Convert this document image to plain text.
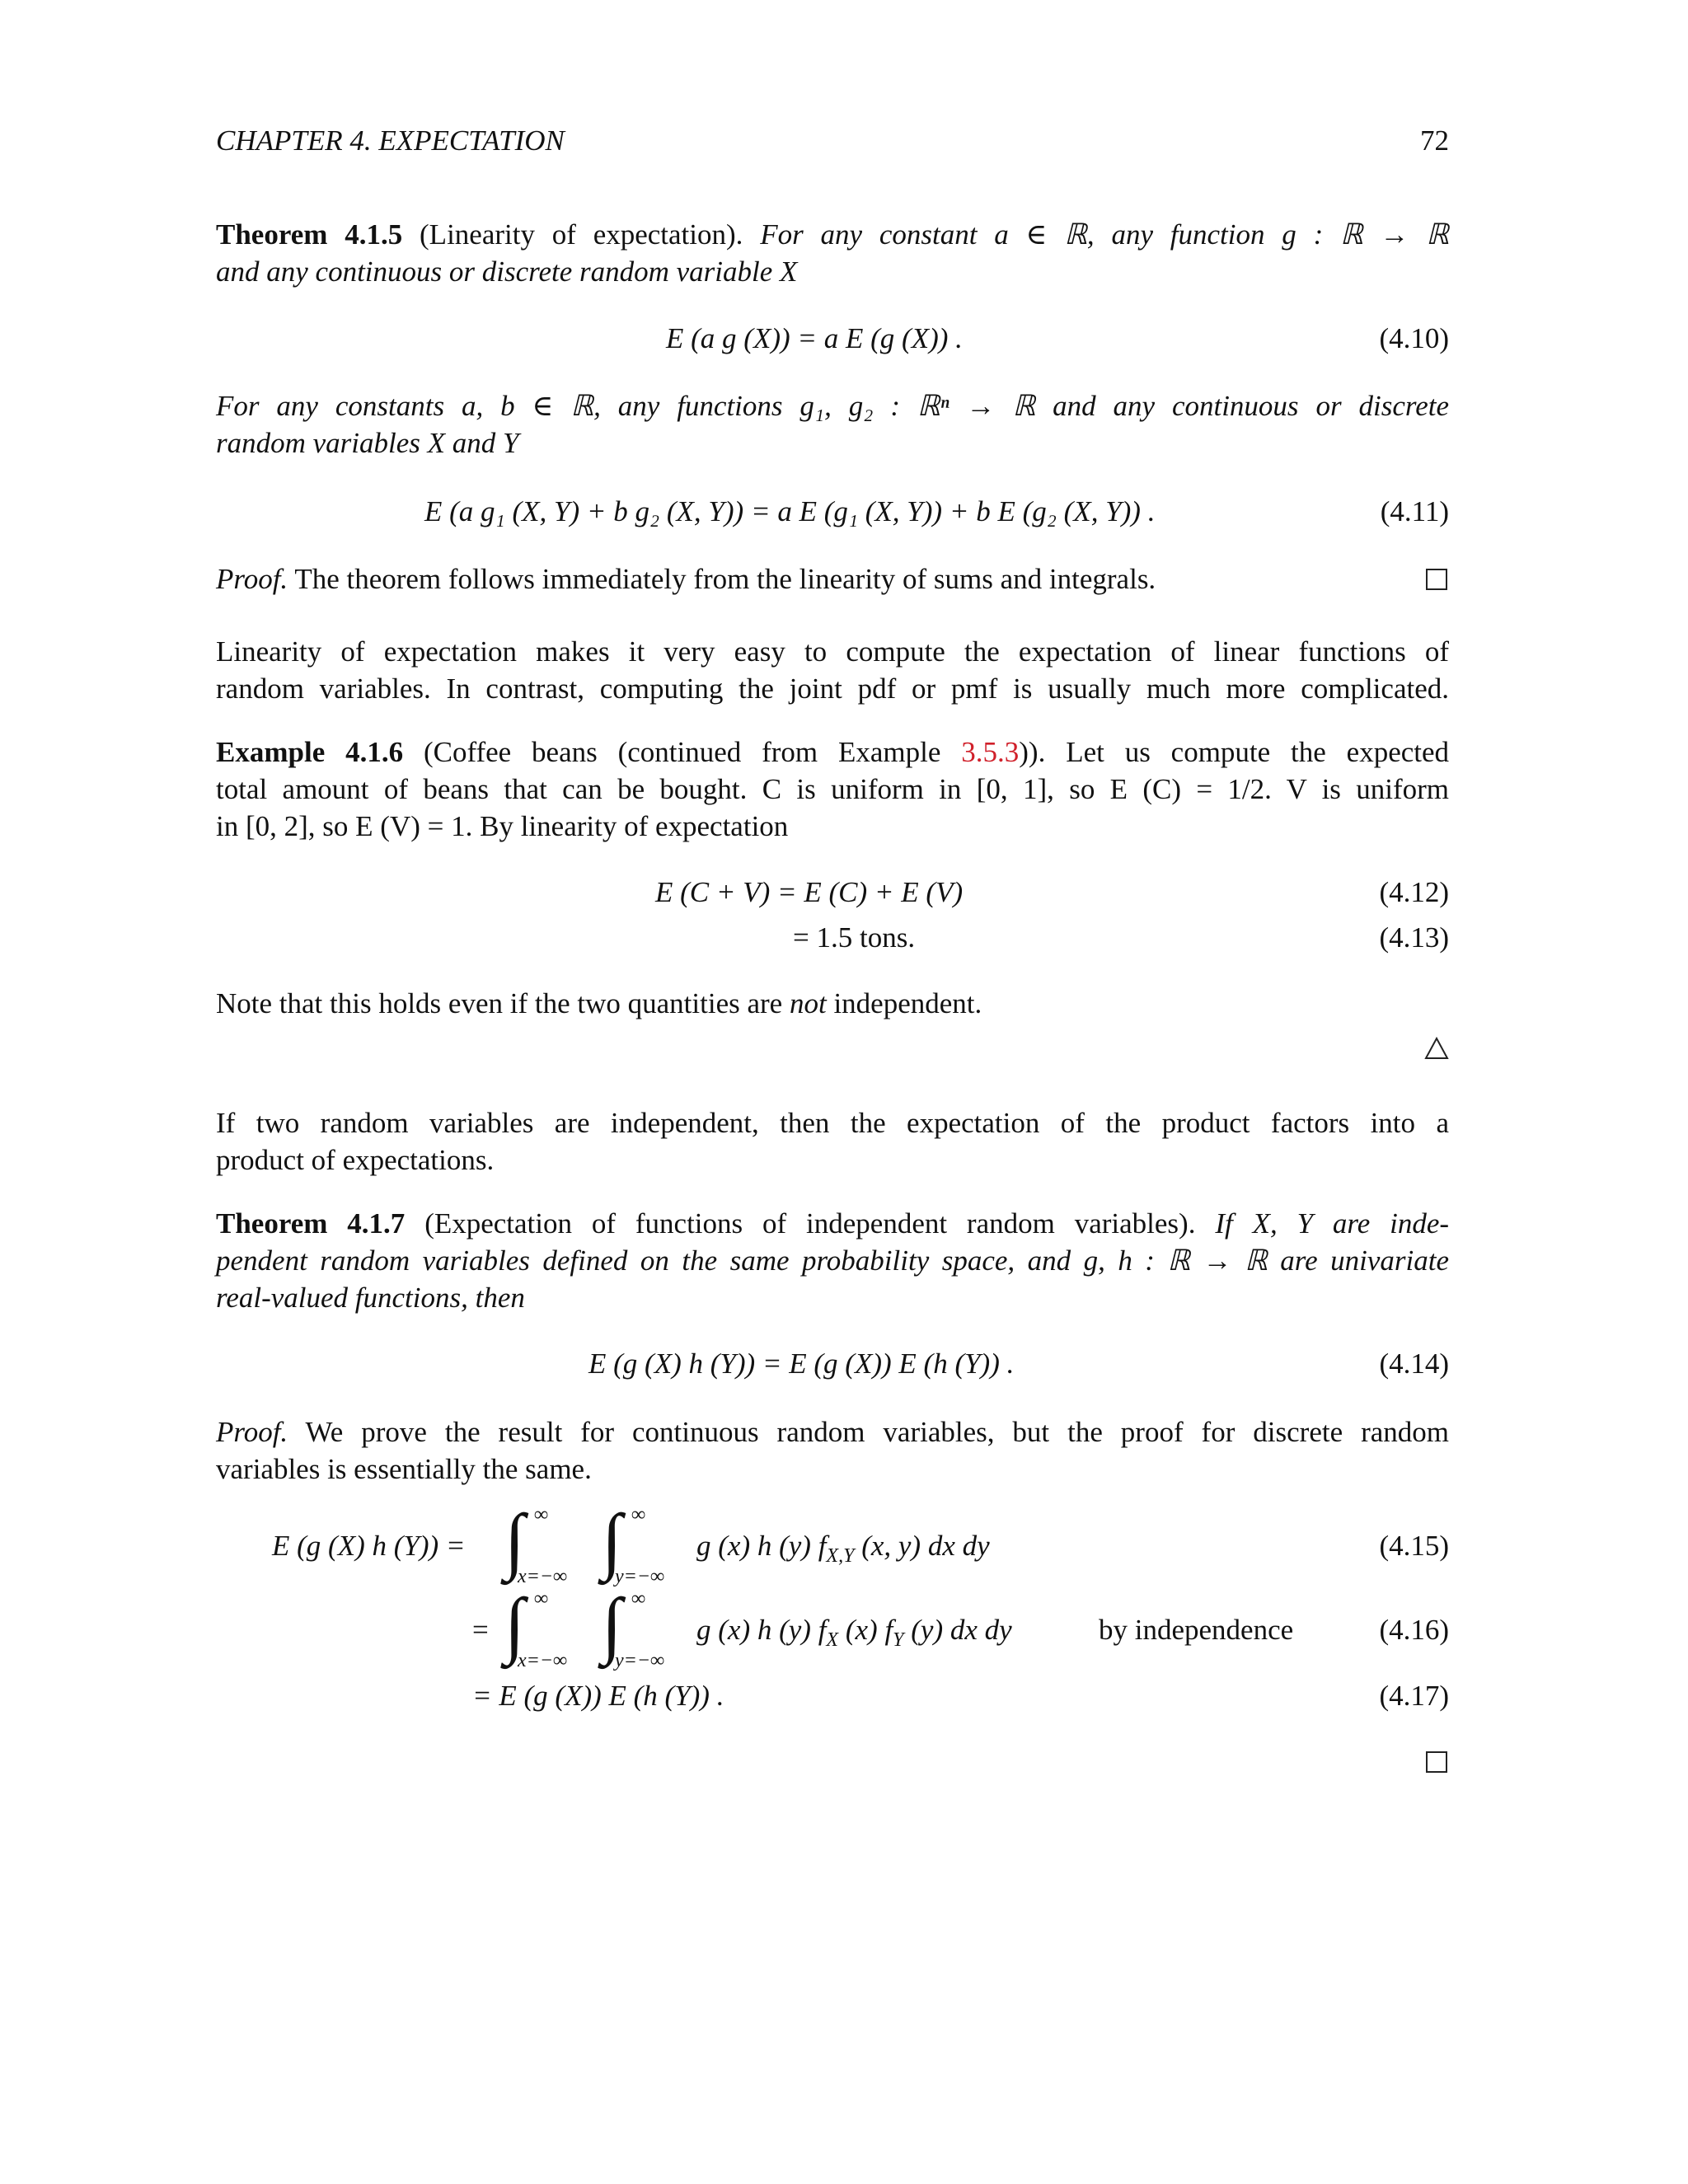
CHAPTER 4. EXPECTATION	72
Theorem 4.1.5 (Linearity of expectation). For any constant a ∈ ℝ, any function g : ℝ → ℝ
and any continuous or discrete random variable X
E (a g (X)) = a E (g (X)) .	(4.10)
For any constants a, b ∈ ℝ, any functions g₁, g₂ : ℝⁿ → ℝ and any continuous or discrete
random variables X and Y
E (a g₁ (X, Y) + b g₂ (X, Y)) = a E (g₁ (X, Y)) + b E (g₂ (X, Y)) .	(4.11)
Proof. The theorem follows immediately from the linearity of sums and integrals.
Linearity of expectation makes it very easy to compute the expectation of linear functions of
random variables. In contrast, computing the joint pdf or pmf is usually much more complicated.
Example 4.1.6 (Coffee beans (continued from Example 3.5.3)). Let us compute the expected
total amount of beans that can be bought. C is uniform in [0, 1], so E (C) = 1/2. V is uniform
in [0, 2], so E (V) = 1. By linearity of expectation
E (C + V) = E (C) + E (V)	(4.12)
= 1.5 tons.	(4.13)
Note that this holds even if the two quantities are not independent.
If two random variables are independent, then the expectation of the product factors into a
product of expectations.
Theorem 4.1.7 (Expectation of functions of independent random variables). If X, Y are inde-
pendent random variables defined on the same probability space, and g, h : ℝ → ℝ are univariate
real-valued functions, then
E (g (X) h (Y)) = E (g (X)) E (h (Y)) .	(4.14)
Proof. We prove the result for continuous random variables, but the proof for discrete random
variables is essentially the same.
E (g (X) h (Y)) = ∫ ∞
x=−∞ ∫ ∞
y=−∞
g (x) h (y) $f_{X,Y}$ (x, y) dx dy	(4.15)
= ∫ ∞
x=−∞ ∫ ∞
y=−∞
g (x) h (y) $f_X$ (x) $f_Y$ (y) dx dy	by independence	(4.16)
= E (g (X)) E (h (Y)) .	(4.17)
